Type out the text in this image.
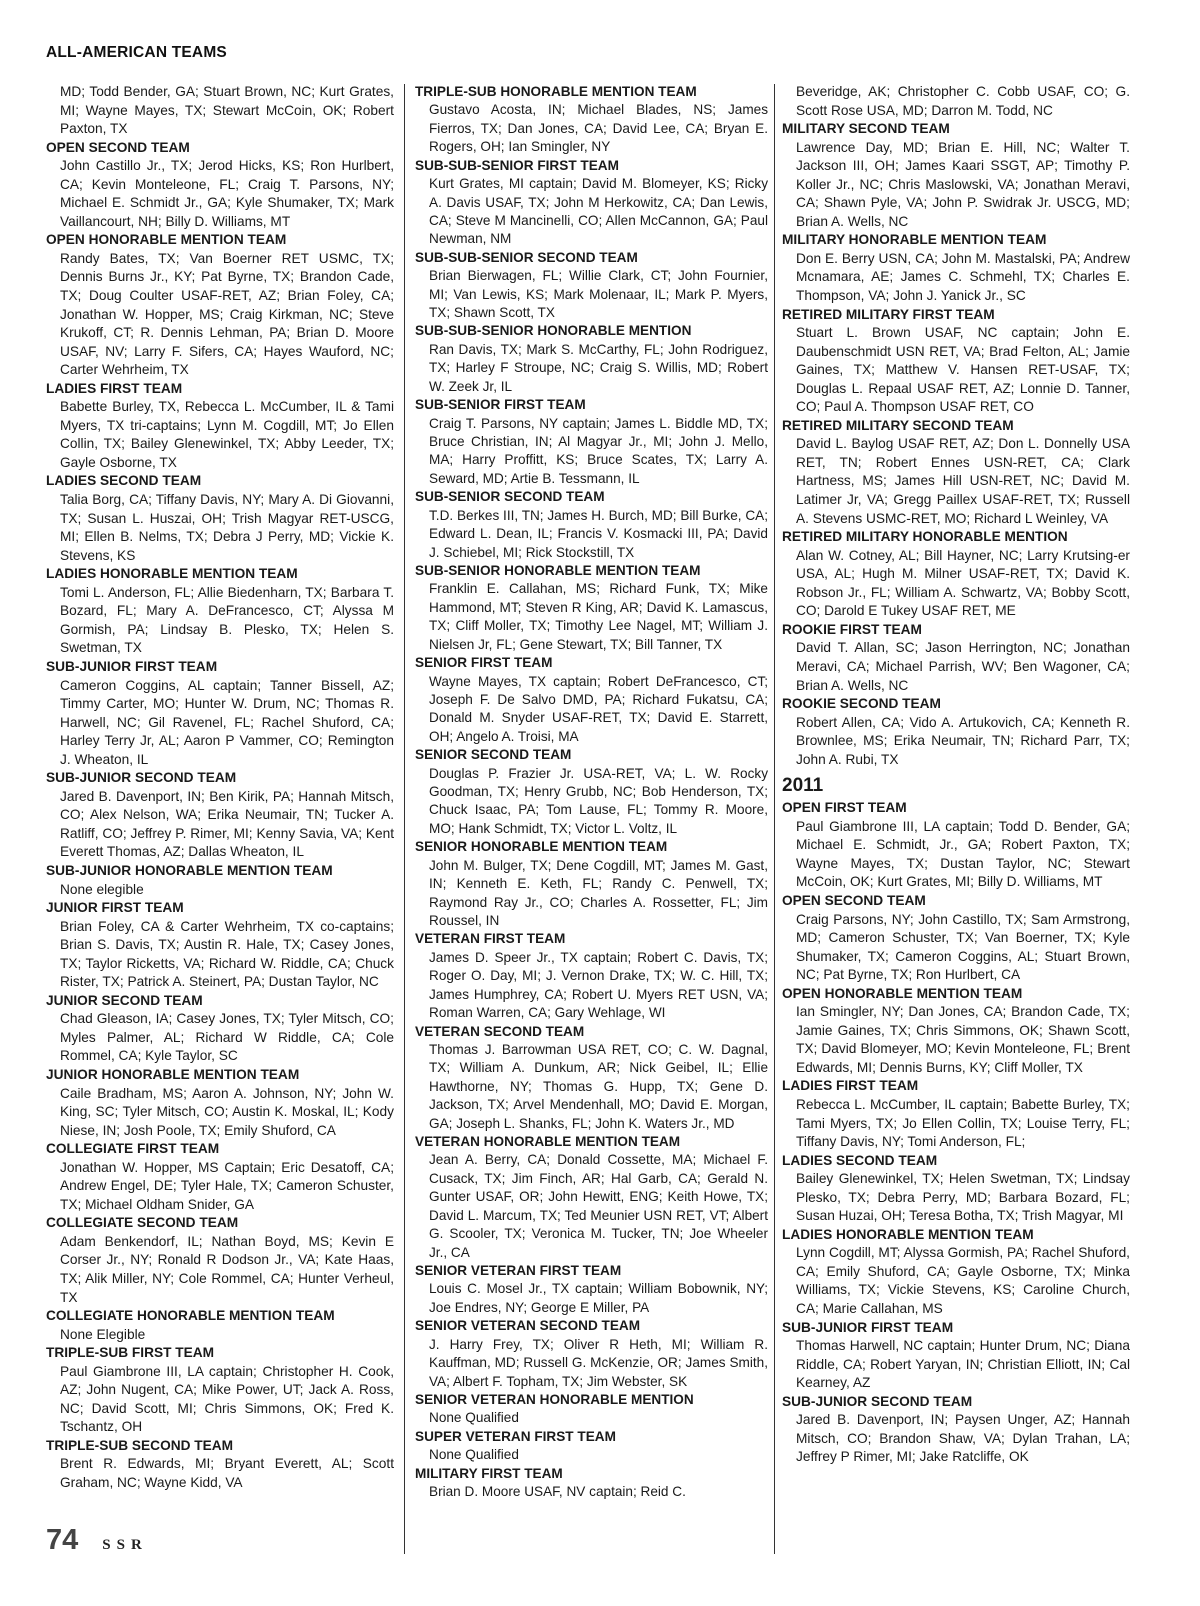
ALL-AMERICAN TEAMS
MD; Todd Bender, GA; Stuart Brown, NC; Kurt Grates, MI; Wayne Mayes, TX; Stewart McCoin, OK; Robert Paxton, TX
OPEN SECOND TEAM
John Castillo Jr., TX; Jerod Hicks, KS; Ron Hurlbert, CA; Kevin Monteleone, FL; Craig T. Parsons, NY; Michael E. Schmidt Jr., GA; Kyle Shumaker, TX; Mark Vaillancourt, NH; Billy D. Williams, MT
OPEN HONORABLE MENTION TEAM
Randy Bates, TX; Van Boerner RET USMC, TX; Dennis Burns Jr., KY; Pat Byrne, TX; Brandon Cade, TX; Doug Coulter USAF-RET, AZ; Brian Foley, CA; Jonathan W. Hopper, MS; Craig Kirkman, NC; Steve Krukoff, CT; R. Dennis Lehman, PA; Brian D. Moore USAF, NV; Larry F. Sifers, CA; Hayes Wauford, NC; Carter Wehrheim, TX
LADIES FIRST TEAM
Babette Burley, TX, Rebecca L. McCumber, IL & Tami Myers, TX tri-captains; Lynn M. Cogdill, MT; Jo Ellen Collin, TX; Bailey Glenewinkel, TX; Abby Leeder, TX; Gayle Osborne, TX
LADIES SECOND TEAM
Talia Borg, CA; Tiffany Davis, NY; Mary A. Di Giovanni, TX; Susan L. Huszai, OH; Trish Magyar RET-USCG, MI; Ellen B. Nelms, TX; Debra J Perry, MD; Vickie K. Stevens, KS
LADIES HONORABLE MENTION TEAM
Tomi L. Anderson, FL; Allie Biedenharn, TX; Barbara T. Bozard, FL; Mary A. DeFrancesco, CT; Alyssa M Gormish, PA; Lindsay B. Plesko, TX; Helen S. Swetman, TX
SUB-JUNIOR FIRST TEAM
Cameron Coggins, AL captain; Tanner Bissell, AZ; Timmy Carter, MO; Hunter W. Drum, NC; Thomas R. Harwell, NC; Gil Ravenel, FL; Rachel Shuford, CA; Harley Terry Jr, AL; Aaron P Vammer, CO; Remington J. Wheaton, IL
SUB-JUNIOR SECOND TEAM
Jared B. Davenport, IN; Ben Kirik, PA; Hannah Mitsch, CO; Alex Nelson, WA; Erika Neumair, TN; Tucker A. Ratliff, CO; Jeffrey P. Rimer, MI; Kenny Savia, VA; Kent Everett Thomas, AZ; Dallas Wheaton, IL
SUB-JUNIOR HONORABLE MENTION TEAM
None elegible
JUNIOR FIRST TEAM
Brian Foley, CA & Carter Wehrheim, TX co-captains; Brian S. Davis, TX; Austin R. Hale, TX; Casey Jones, TX; Taylor Ricketts, VA; Richard W. Riddle, CA; Chuck Rister, TX; Patrick A. Steinert, PA; Dustan Taylor, NC
JUNIOR SECOND TEAM
Chad Gleason, IA; Casey Jones, TX; Tyler Mitsch, CO; Myles Palmer, AL; Richard W Riddle, CA; Cole Rommel, CA; Kyle Taylor, SC
JUNIOR HONORABLE MENTION TEAM
Caile Bradham, MS; Aaron A. Johnson, NY; John W. King, SC; Tyler Mitsch, CO; Austin K. Moskal, IL; Kody Niese, IN; Josh Poole, TX; Emily Shuford, CA
COLLEGIATE FIRST TEAM
Jonathan W. Hopper, MS Captain; Eric Desatoff, CA; Andrew Engel, DE; Tyler Hale, TX; Cameron Schuster, TX; Michael Oldham Snider, GA
COLLEGIATE SECOND TEAM
Adam Benkendorf, IL; Nathan Boyd, MS; Kevin E Corser Jr., NY; Ronald R Dodson Jr., VA; Kate Haas, TX; Alik Miller, NY; Cole Rommel, CA; Hunter Verheul, TX
COLLEGIATE HONORABLE MENTION TEAM
None Elegible
TRIPLE-SUB FIRST TEAM
Paul Giambrone III, LA captain; Christopher H. Cook, AZ; John Nugent, CA; Mike Power, UT; Jack A. Ross, NC; David Scott, MI; Chris Simmons, OK; Fred K. Tschantz, OH
TRIPLE-SUB SECOND TEAM
Brent R. Edwards, MI; Bryant Everett, AL; Scott Graham, NC; Wayne Kidd, VA
TRIPLE-SUB HONORABLE MENTION TEAM
Gustavo Acosta, IN; Michael Blades, NS; James Fierros, TX; Dan Jones, CA; David Lee, CA; Bryan E. Rogers, OH; Ian Smingler, NY
SUB-SUB-SENIOR FIRST TEAM
Kurt Grates, MI captain; David M. Blomeyer, KS; Ricky A. Davis USAF, TX; John M Herkowitz, CA; Dan Lewis, CA; Steve M Mancinelli, CO; Allen McCannon, GA; Paul Newman, NM
SUB-SUB-SENIOR SECOND TEAM
Brian Bierwagen, FL; Willie Clark, CT; John Fournier, MI; Van Lewis, KS; Mark Molenaar, IL; Mark P. Myers, TX; Shawn Scott, TX
SUB-SUB-SENIOR HONORABLE MENTION
Ran Davis, TX; Mark S. McCarthy, FL; John Rodriguez, TX; Harley F Stroupe, NC; Craig S. Willis, MD; Robert W. Zeek Jr, IL
SUB-SENIOR FIRST TEAM
Craig T. Parsons, NY captain; James L. Biddle MD, TX; Bruce Christian, IN; Al Magyar Jr., MI; John J. Mello, MA; Harry Proffitt, KS; Bruce Scates, TX; Larry A. Seward, MD; Artie B. Tessmann, IL
SUB-SENIOR SECOND TEAM
T.D. Berkes III, TN; James H. Burch, MD; Bill Burke, CA; Edward L. Dean, IL; Francis V. Kosmacki III, PA; David J. Schiebel, MI; Rick Stockstill, TX
SUB-SENIOR HONORABLE MENTION TEAM
Franklin E. Callahan, MS; Richard Funk, TX; Mike Hammond, MT; Steven R King, AR; David K. Lamascus, TX; Cliff Moller, TX; Timothy Lee Nagel, MT; William J. Nielsen Jr, FL; Gene Stewart, TX; Bill Tanner, TX
SENIOR FIRST TEAM
Wayne Mayes, TX captain; Robert DeFrancesco, CT; Joseph F. De Salvo DMD, PA; Richard Fukatsu, CA; Donald M. Snyder USAF-RET, TX; David E. Starrett, OH; Angelo A. Troisi, MA
SENIOR SECOND TEAM
Douglas P. Frazier Jr. USA-RET, VA; L. W. Rocky Goodman, TX; Henry Grubb, NC; Bob Henderson, TX; Chuck Isaac, PA; Tom Lause, FL; Tommy R. Moore, MO; Hank Schmidt, TX; Victor L. Voltz, IL
SENIOR HONORABLE MENTION TEAM
John M. Bulger, TX; Dene Cogdill, MT; James M. Gast, IN; Kenneth E. Keth, FL; Randy C. Penwell, TX; Raymond Ray Jr., CO; Charles A. Rossetter, FL; Jim Roussel, IN
VETERAN FIRST TEAM
James D. Speer Jr., TX captain; Robert C. Davis, TX; Roger O. Day, MI; J. Vernon Drake, TX; W. C. Hill, TX; James Humphrey, CA; Robert U. Myers RET USN, VA; Roman Warren, CA; Gary Wehlage, WI
VETERAN SECOND TEAM
Thomas J. Barrowman USA RET, CO; C. W. Dagnal, TX; William A. Dunkum, AR; Nick Geibel, IL; Ellie Hawthorne, NY; Thomas G. Hupp, TX; Gene D. Jackson, TX; Arvel Mendenhall, MO; David E. Morgan, GA; Joseph L. Shanks, FL; John K. Waters Jr., MD
VETERAN HONORABLE MENTION TEAM
Jean A. Berry, CA; Donald Cossette, MA; Michael F. Cusack, TX; Jim Finch, AR; Hal Garb, CA; Gerald N. Gunter USAF, OR; John Hewitt, ENG; Keith Howe, TX; David L. Marcum, TX; Ted Meunier USN RET, VT; Albert G. Scooler, TX; Veronica M. Tucker, TN; Joe Wheeler Jr., CA
SENIOR VETERAN FIRST TEAM
Louis C. Mosel Jr., TX captain; William Bobownik, NY; Joe Endres, NY; George E Miller, PA
SENIOR VETERAN SECOND TEAM
J. Harry Frey, TX; Oliver R Heth, MI; William R. Kauffman, MD; Russell G. McKenzie, OR; James Smith, VA; Albert F. Topham, TX; Jim Webster, SK
SENIOR VETERAN HONORABLE MENTION
None Qualified
SUPER VETERAN FIRST TEAM
None Qualified
MILITARY FIRST TEAM
Brian D. Moore USAF, NV captain; Reid C.
Beveridge, AK; Christopher C. Cobb USAF, CO; G. Scott Rose USA, MD; Darron M. Todd, NC
MILITARY SECOND TEAM
Lawrence Day, MD; Brian E. Hill, NC; Walter T. Jackson III, OH; James Kaari SSGT, AP; Timothy P. Koller Jr., NC; Chris Maslowski, VA; Jonathan Meravi, CA; Shawn Pyle, VA; John P. Swidrak Jr. USCG, MD; Brian A. Wells, NC
MILITARY HONORABLE MENTION TEAM
Don E. Berry USN, CA; John M. Mastalski, PA; Andrew Mcnamara, AE; James C. Schmehl, TX; Charles E. Thompson, VA; John J. Yanick Jr., SC
RETIRED MILITARY FIRST TEAM
Stuart L. Brown USAF, NC captain; John E. Daubenschmidt USN RET, VA; Brad Felton, AL; Jamie Gaines, TX; Matthew V. Hansen RET-USAF, TX; Douglas L. Repaal USAF RET, AZ; Lonnie D. Tanner, CO; Paul A. Thompson USAF RET, CO
RETIRED MILITARY SECOND TEAM
David L. Baylog USAF RET, AZ; Don L. Donnelly USA RET, TN; Robert Ennes USN-RET, CA; Clark Hartness, MS; James Hill USN-RET, NC; David M. Latimer Jr, VA; Gregg Paillex USAF-RET, TX; Russell A. Stevens USMC-RET, MO; Richard L Weinley, VA
RETIRED MILITARY HONORABLE MENTION
Alan W. Cotney, AL; Bill Hayner, NC; Larry Krutsing-er USA, AL; Hugh M. Milner USAF-RET, TX; David K. Robson Jr., FL; William A. Schwartz, VA; Bobby Scott, CO; Darold E Tukey USAF RET, ME
ROOKIE FIRST TEAM
David T. Allan, SC; Jason Herrington, NC; Jonathan Meravi, CA; Michael Parrish, WV; Ben Wagoner, CA; Brian A. Wells, NC
ROOKIE SECOND TEAM
Robert Allen, CA; Vido A. Artukovich, CA; Kenneth R. Brownlee, MS; Erika Neumair, TN; Richard Parr, TX; John A. Rubi, TX
2011
OPEN FIRST TEAM
Paul Giambrone III, LA captain; Todd D. Bender, GA; Michael E. Schmidt, Jr., GA; Robert Paxton, TX; Wayne Mayes, TX; Dustan Taylor, NC; Stewart McCoin, OK; Kurt Grates, MI; Billy D. Williams, MT
OPEN SECOND TEAM
Craig Parsons, NY; John Castillo, TX; Sam Armstrong, MD; Cameron Schuster, TX; Van Boerner, TX; Kyle Shumaker, TX; Cameron Coggins, AL; Stuart Brown, NC; Pat Byrne, TX; Ron Hurlbert, CA
OPEN HONORABLE MENTION TEAM
Ian Smingler, NY; Dan Jones, CA; Brandon Cade, TX; Jamie Gaines, TX; Chris Simmons, OK; Shawn Scott, TX; David Blomeyer, MO; Kevin Monteleone, FL; Brent Edwards, MI; Dennis Burns, KY; Cliff Moller, TX
LADIES FIRST TEAM
Rebecca L. McCumber, IL captain; Babette Burley, TX; Tami Myers, TX; Jo Ellen Collin, TX; Louise Terry, FL; Tiffany Davis, NY; Tomi Anderson, FL;
LADIES SECOND TEAM
Bailey Glenewinkel, TX; Helen Swetman, TX; Lindsay Plesko, TX; Debra Perry, MD; Barbara Bozard, FL; Susan Huzai, OH; Teresa Botha, TX; Trish Magyar, MI
LADIES HONORABLE MENTION TEAM
Lynn Cogdill, MT; Alyssa Gormish, PA; Rachel Shuford, CA; Emily Shuford, CA; Gayle Osborne, TX; Minka Williams, TX; Vickie Stevens, KS; Caroline Church, CA; Marie Callahan, MS
SUB-JUNIOR FIRST TEAM
Thomas Harwell, NC captain; Hunter Drum, NC; Diana Riddle, CA; Robert Yaryan, IN; Christian Elliott, IN; Cal Kearney, AZ
SUB-JUNIOR SECOND TEAM
Jared B. Davenport, IN; Paysen Unger, AZ; Hannah Mitsch, CO; Brandon Shaw, VA; Dylan Trahan, LA; Jeffrey P Rimer, MI; Jake Ratcliffe, OK
74 SSR
